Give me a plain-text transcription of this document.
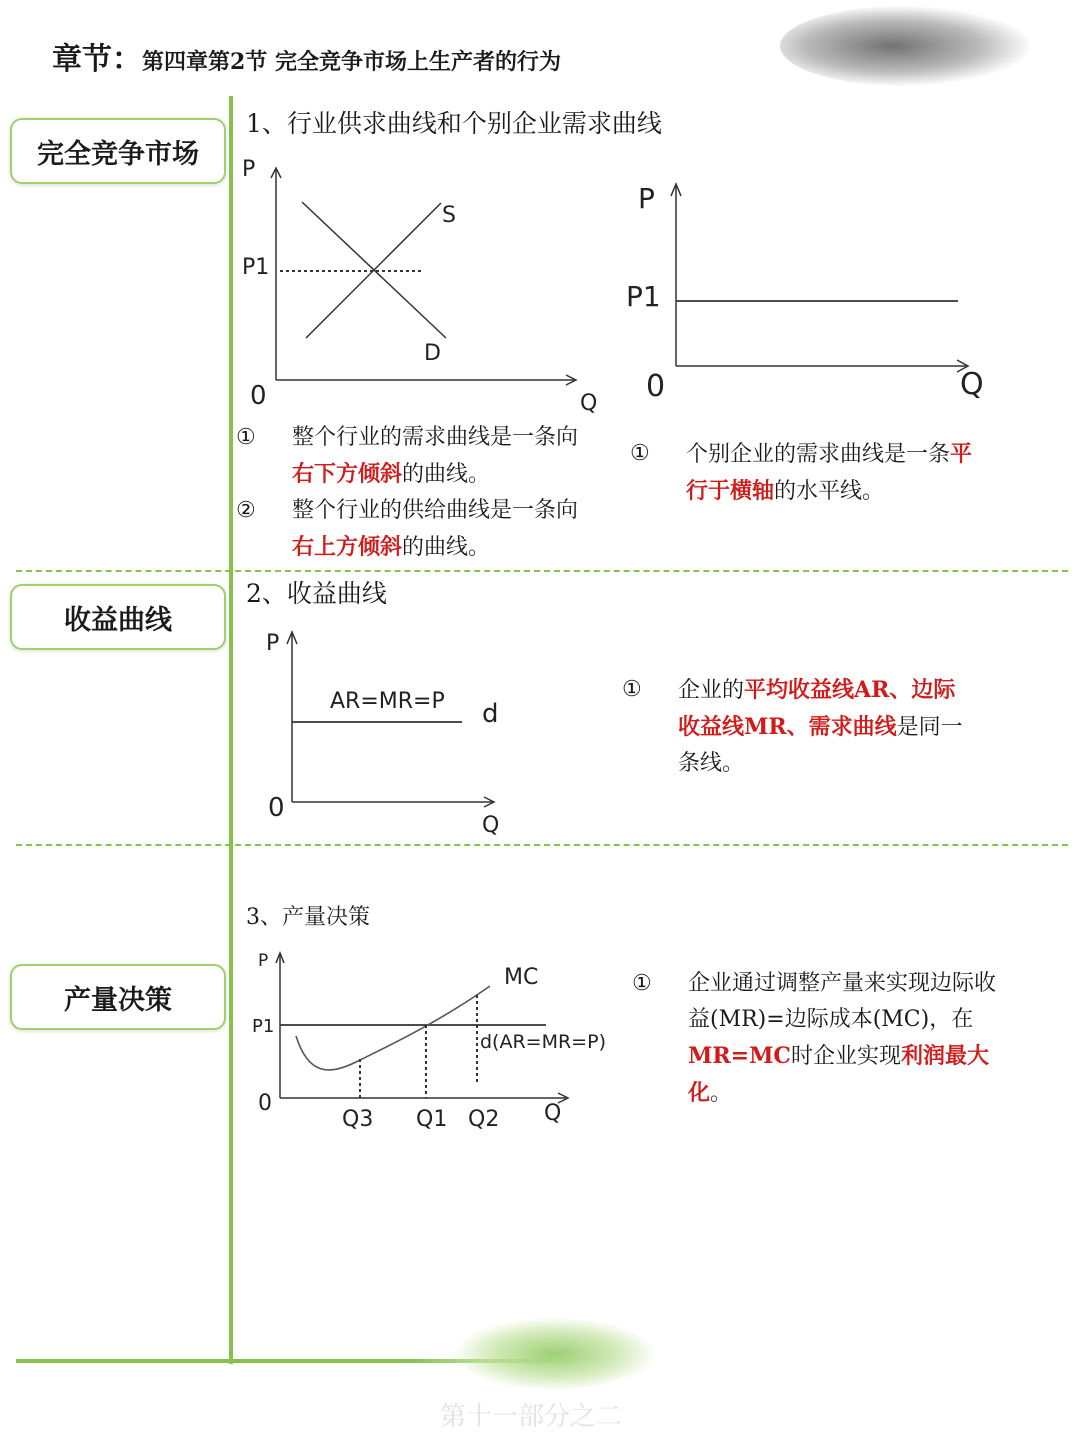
章节：第四章第2节 完全竞争市场上生产者的行为
完全竞争市场
1、行业供求曲线和个别企业需求曲线
P
P1
0	Q
S
D
P
P1
0	Q
①	整个行业的需求曲线是一条向右下方倾斜的曲线。
②	整个行业的供给曲线是一条向右上方倾斜的曲线。
①	个别企业的需求曲线是一条平行于横轴的水平线。
收益曲线
2、收益曲线
P
0
Q
AR=MR=P d
①	企业的平均收益线AR、边际收益线MR、需求曲线是同一条线。
产量决策
3、产量决策
P
P1
0	Q
MC
d(AR=MR=P)
Q3 Q1 Q2
①	企业通过调整产量来实现边际收益(MR)=边际成本(MC)，在MR=MC时企业实现利润最大化。
第十一部分之二
